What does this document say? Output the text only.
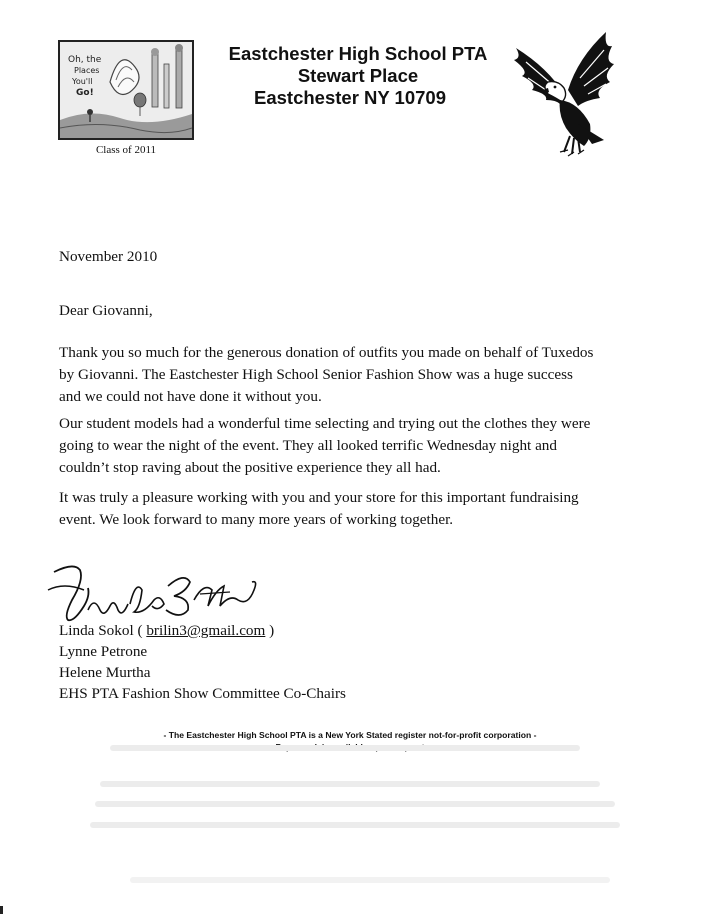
Oh, the
Places
You'll
Go!
Class of 2011
Eastchester High School PTA
Stewart Place
Eastchester NY 10709
November 2010
Dear Giovanni,

Thank you so much for the generous donation of outfits you made on behalf of Tuxedos

by Giovanni. The Eastchester High School Senior Fashion Show was a huge success

and we could not have done it without you.

Our student models had a wonderful time selecting and trying out the clothes they were

going to wear the night of the event. They all looked terrific Wednesday night and

couldn’t stop raving about the positive experience they all had.

It was truly a pleasure working with you and your store for this important fundraising

event. We look forward to many more years of working together.

Linda Sokol ( brilin3@gmail.com )
Lynne Petrone
Helene Murtha
EHS PTA Fashion Show Committee Co-Chairs
- The Eastchester High School PTA is a New York Stated register not-for-profit corporation -
